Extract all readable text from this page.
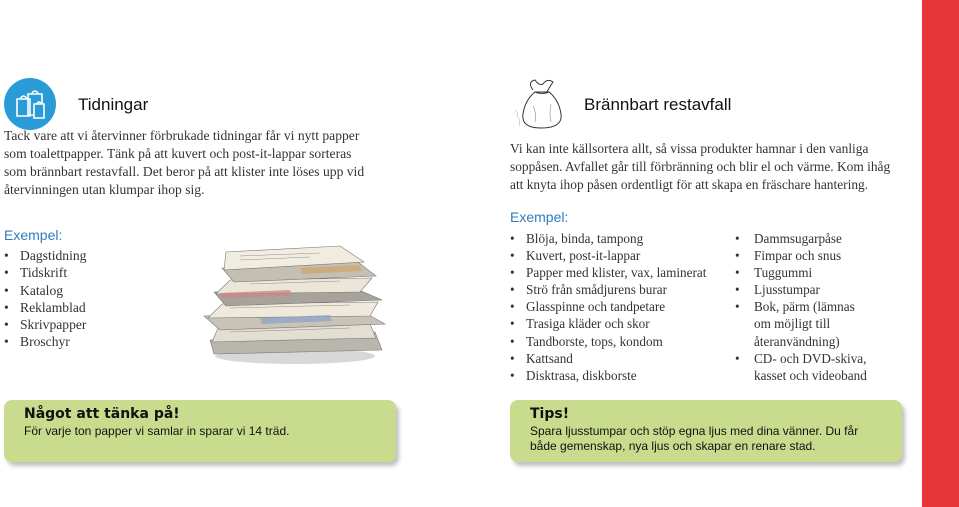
Tidningar
Tack vare att vi återvinner förbrukade tidningar får vi nytt papper
som toalettpapper. Tänk på att kuvert och post-it-lappar sorteras
som brännbart restavfall. Det beror på att klister inte löses upp vid
återvinningen utan klumpar ihop sig.
Exempel:
• Dagstidning
• Tidskrift
• Katalog
• Reklamblad
• Skrivpapper
• Broschyr
Något att tänka på!
För varje ton papper vi samlar in sparar vi 14 träd.
Brännbart restavfall
Vi kan inte källsortera allt, så vissa produkter hamnar i den vanliga
soppåsen. Avfallet går till förbränning och blir el och värme. Kom ihåg
att knyta ihop påsen ordentligt för att skapa en fräschare hantering.
Exempel:
• Blöja, binda, tampong
• Kuvert, post-it-lappar
• Papper med klister, vax, laminerat
• Strö från smådjurens burar
• Glasspinne och tandpetare
• Trasiga kläder och skor
• Tandborste, tops, kondom
• Kattsand
• Disktrasa, diskborste
• Dammsugarpåse
• Fimpar och snus
• Tuggummi
• Ljusstumpar
• Bok, pärm (lämnas
om möjligt till
återanvändning)
• CD- och DVD-skiva,
kasset och videoband
Tips!
Spara ljusstumpar och stöp egna ljus med dina vänner. Du får
både gemenskap, nya ljus och skapar en renare stad.
